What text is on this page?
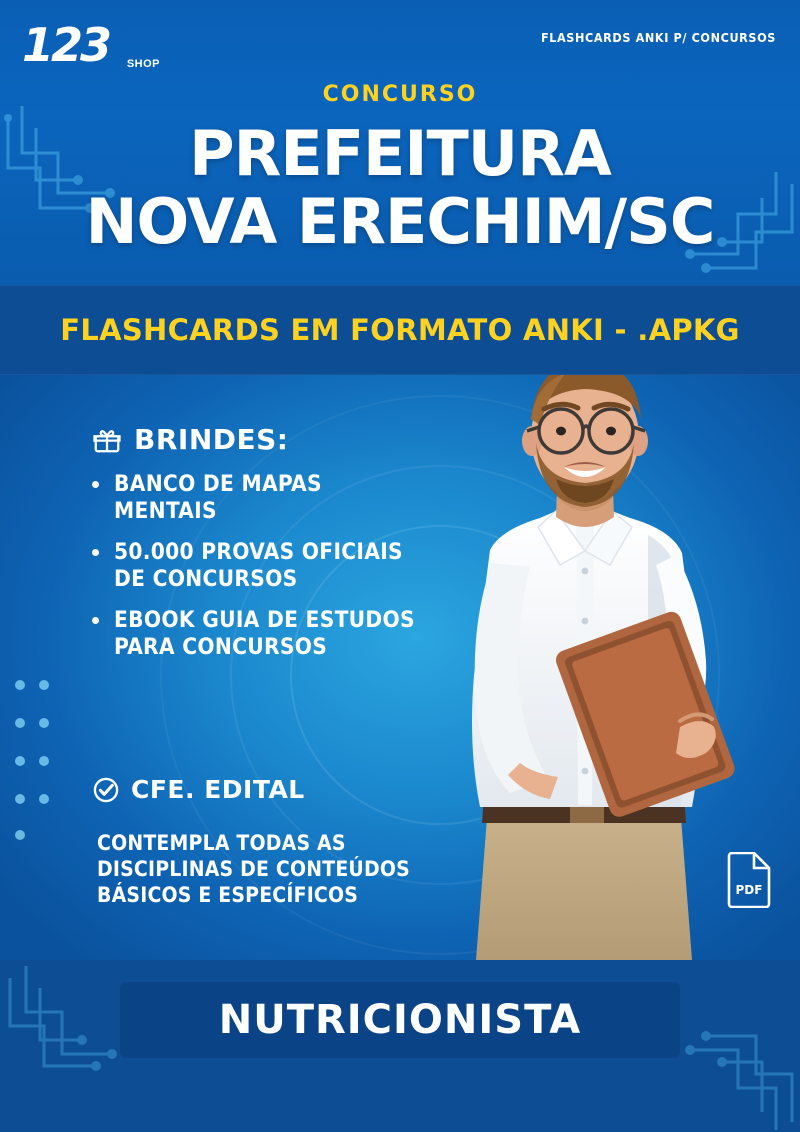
123	SHOP
FLASHCARDS ANKI P/ CONCURSOS
CONCURSO
PREFEITURA
NOVA ERECHIM/SC
FLASHCARDS EM FORMATO ANKI - .APKG
BRINDES:
BANCO DE MAPAS MENTAIS
50.000 PROVAS OFICIAIS DE CONCURSOS
EBOOK GUIA DE ESTUDOS PARA CONCURSOS
CFE. EDITAL
CONTEMPLA TODAS AS DISCIPLINAS DE CONTEÚDOS BÁSICOS E ESPECÍFICOS	PDF
NUTRICIONISTA
